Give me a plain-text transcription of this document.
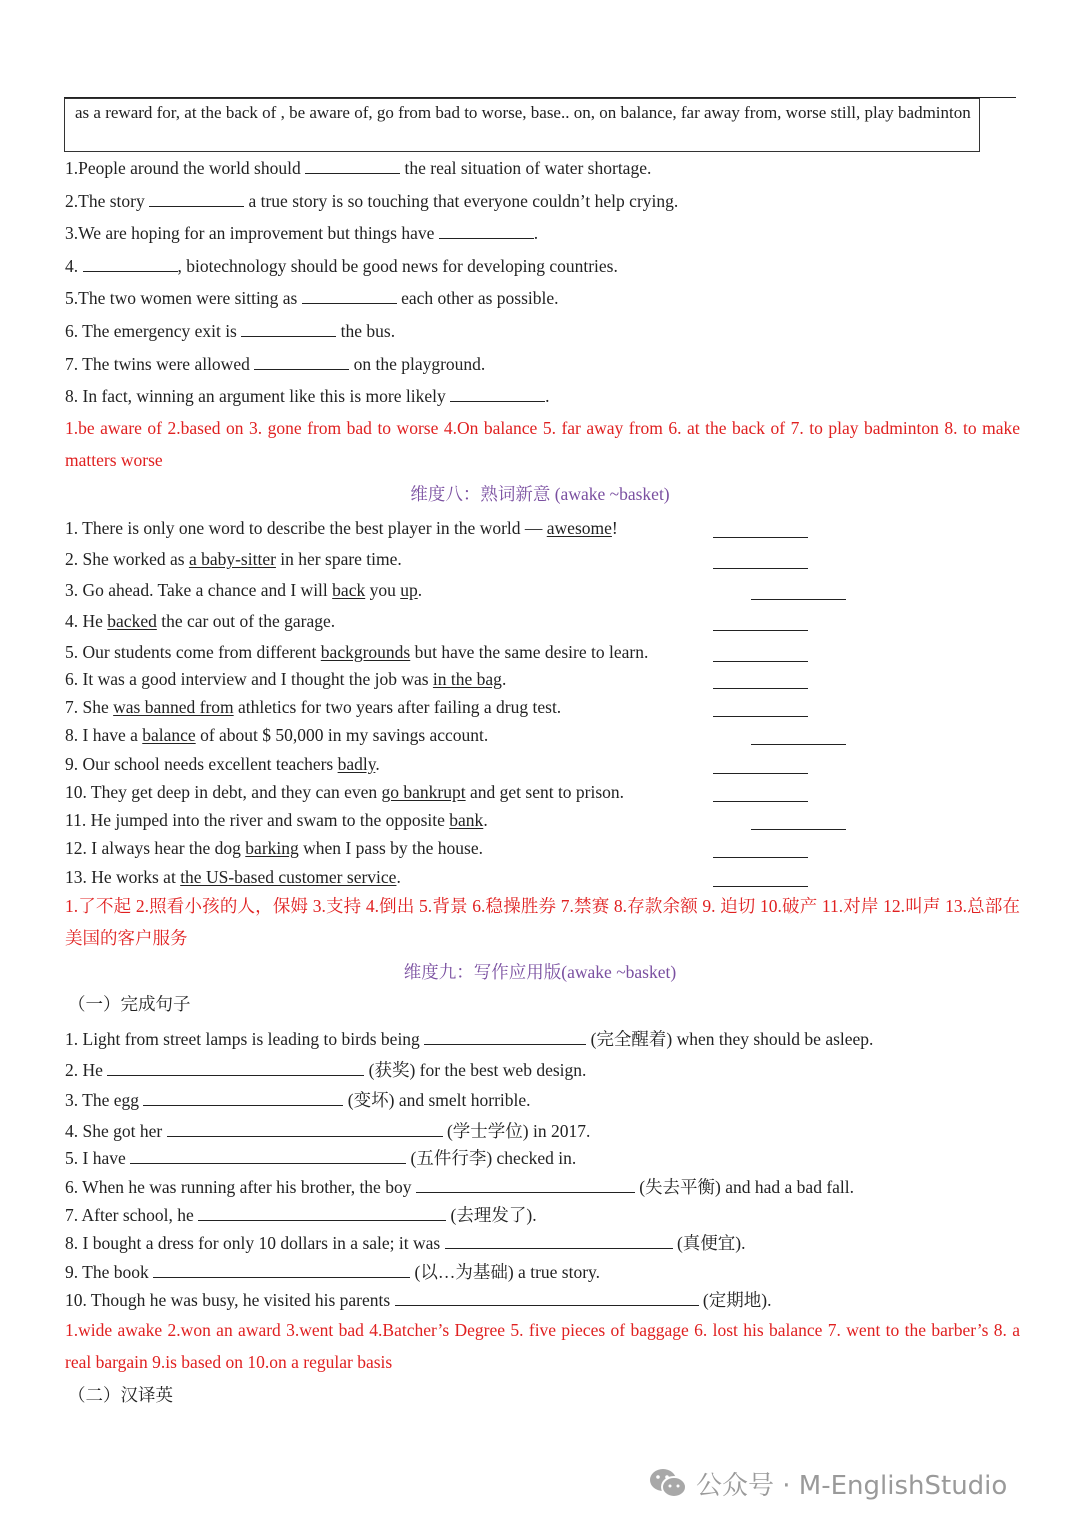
as a reward for, at the back of , be aware of, go from bad to worse, base.. on, on balance, far away from, worse still, play badminton
1.People around the world should	the real situation of water shortage.
2.The story	a true story is so touching that everyone couldn’t help crying.
3.We are hoping for an improvement but things have	.
4.	, biotechnology should be good news for developing countries.
5.The two women were sitting as	each other as possible.
6. The emergency exit is	the bus.
7. The twins were allowed	on the playground.
8. In fact, winning an argument like this is more likely	.
1.be aware of 2.based on 3. gone from bad to worse 4.On balance 5. far away from 6. at the back of 7. to play badminton 8. to make matters worse
维度八：熟词新意 (awake ~basket)
1. There is only one word to describe the best player in the world — awesome!
2. She worked as a baby-sitter in her spare time.
3. Go ahead. Take a chance and I will back you up.
4. He backed the car out of the garage.
5. Our students come from different backgrounds but have the same desire to learn.
6. It was a good interview and I thought the job was in the bag.
7. She was banned from athletics for two years after failing a drug test.
8. I have a balance of about $ 50,000 in my savings account.
9. Our school needs excellent teachers badly.
10. They get deep in debt, and they can even go bankrupt and get sent to prison.
11. He jumped into the river and swam to the opposite bank.
12. I always hear the dog barking when I pass by the house.
13. He works at the US-based customer service.
1.了不起 2.照看小孩的人，保姆 3.支持 4.倒出 5.背景 6.稳操胜券 7.禁赛 8.存款余额 9. 迫切 10.破产 11.对岸 12.叫声 13.总部在美国的客户服务
维度九：写作应用版(awake ~basket)
（一）完成句子
1. Light from street lamps is leading to birds being	(完全醒着) when they should be asleep.
2. He	(获奖) for the best web design.
3. The egg	(变坏) and smelt horrible.
4. She got her	(学士学位) in 2017.
5. I have	(五件行李) checked in.
6. When he was running after his brother, the boy	(失去平衡) and had a bad fall.
7. After school, he	(去理发了).
8. I bought a dress for only 10 dollars in a sale; it was	(真便宜).
9. The book	(以…为基础) a true story.
10. Though he was busy, he visited his parents	(定期地).
1.wide awake 2.won an award 3.went bad 4.Batcher’s Degree 5. five pieces of baggage 6. lost his balance 7. went to the barber’s 8. a real bargain 9.is based on 10.on a regular basis
（二）汉译英
公众号 · M-EnglishStudio
